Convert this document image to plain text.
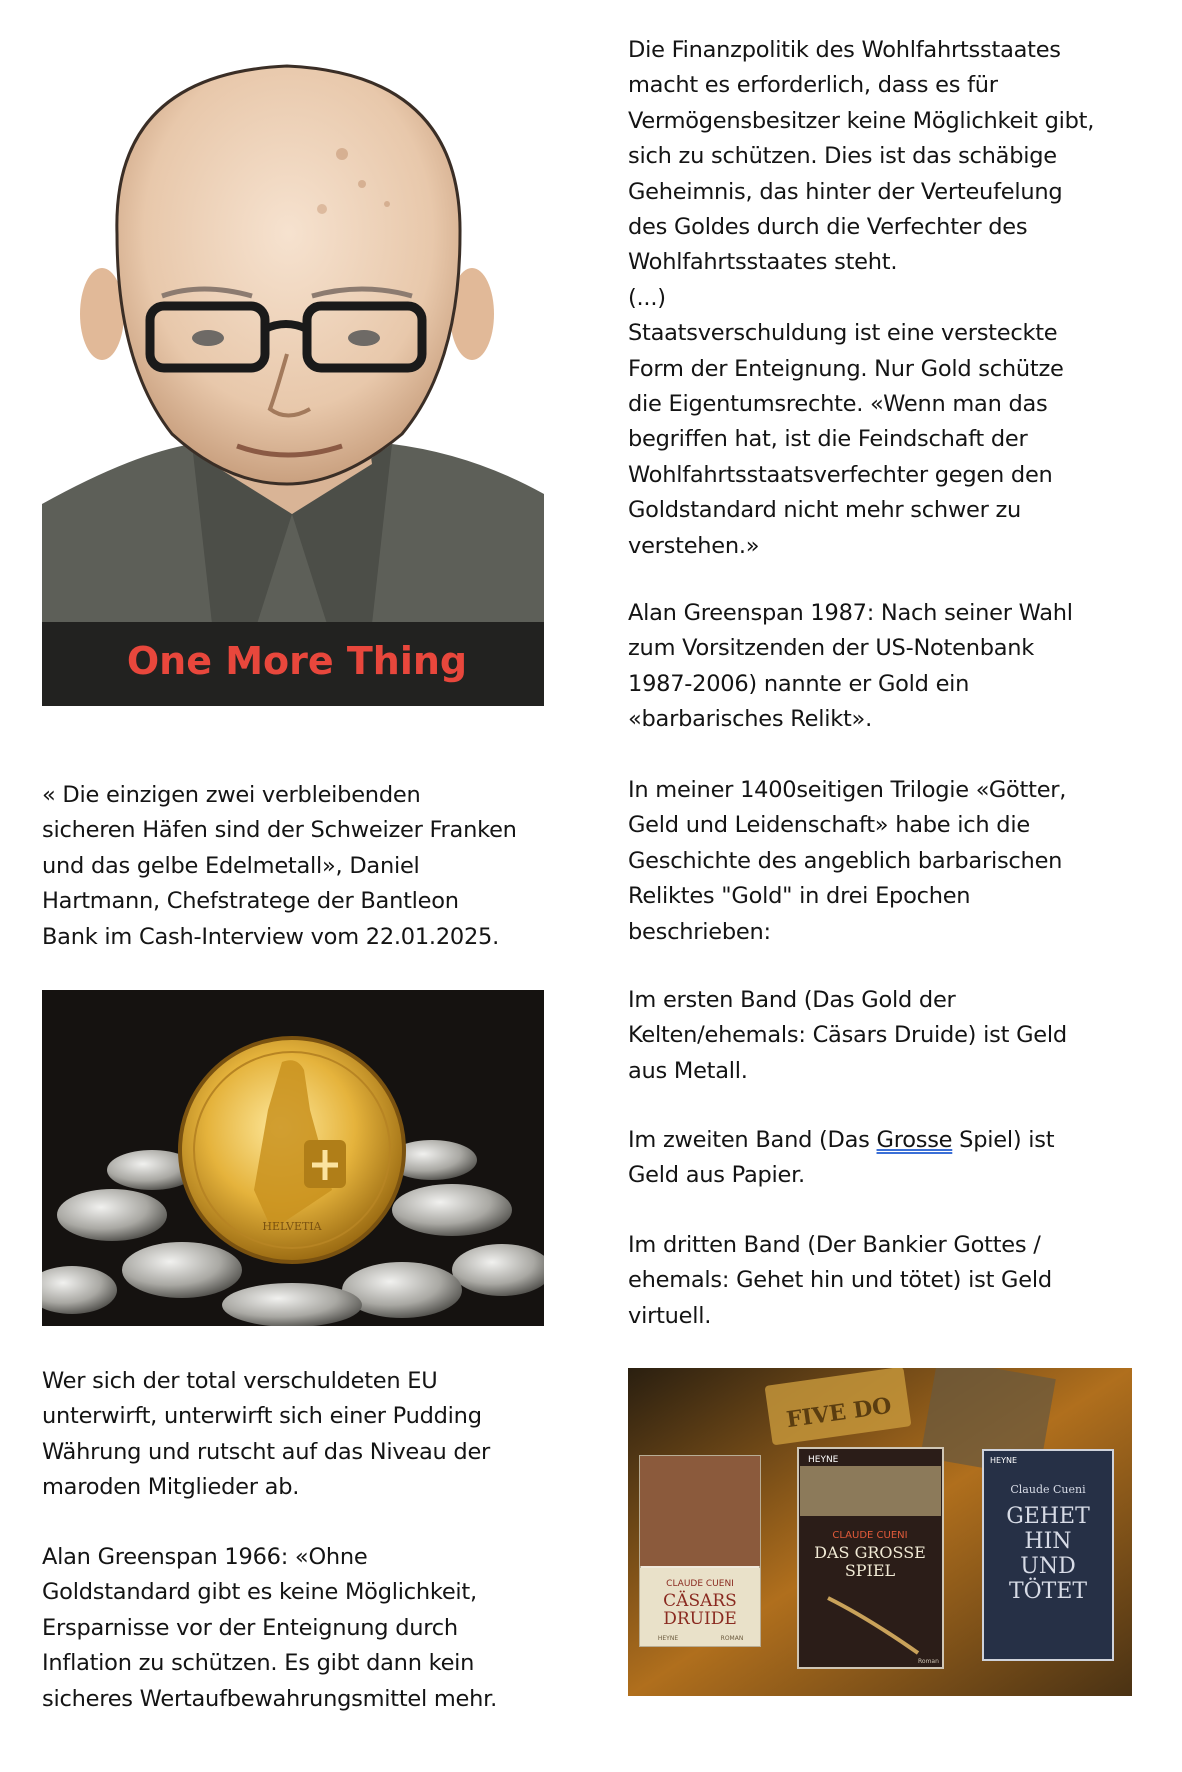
One More Thing

« Die einzigen zwei verbleibenden
sicheren Häfen sind der Schweizer Franken
und das gelbe Edelmetall», Daniel
Hartmann, Chefstratege der Bantleon
Bank im Cash-Interview vom 22.01.2025.

HELVETIA

Wer sich der total verschuldeten EU
unterwirft, unterwirft sich einer Pudding
Währung und rutscht auf das Niveau der
maroden Mitglieder ab.

Alan Greenspan 1966: «Ohne
Goldstandard gibt es keine Möglichkeit,
Ersparnisse vor der Enteignung durch
Inflation zu schützen. Es gibt dann kein
sicheres Wertaufbewahrungsmittel mehr.

Die Finanzpolitik des Wohlfahrtsstaates
macht es erforderlich, dass es für
Vermögensbesitzer keine Möglichkeit gibt,
sich zu schützen. Dies ist das schäbige
Geheimnis, das hinter der Verteufelung
des Goldes durch die Verfechter des
Wohlfahrtsstaates steht.
(...)
Staatsverschuldung ist eine versteckte
Form der Enteignung. Nur Gold schütze
die Eigentumsrechte. «Wenn man das
begriffen hat, ist die Feindschaft der
Wohlfahrtsstaatsverfechter gegen den
Goldstandard nicht mehr schwer zu
verstehen.»

Alan Greenspan 1987: Nach seiner Wahl
zum Vorsitzenden der US-Notenbank
1987-2006) nannte er Gold ein
«barbarisches Relikt».

In meiner 1400seitigen Trilogie «Götter,
Geld und Leidenschaft» habe ich die
Geschichte des angeblich barbarischen
Reliktes "Gold" in drei Epochen
beschrieben:

Im ersten Band (Das Gold der
Kelten/ehemals: Cäsars Druide) ist Geld
aus Metall.

Im zweiten Band (Das Grosse Spiel) ist
Geld aus Papier.

Im dritten Band (Der Bankier Gottes /
ehemals: Gehet hin und tötet) ist Geld
virtuell.

FIVE DO
CLAUDE CUENI
CÄSARS
DRUIDE
HEYNE	ROMAN
HEYNE
CLAUDE CUENI
DAS GROSSE
SPIEL
Roman
HEYNE
Claude Cueni
GEHET
HIN
UND
TÖTET
